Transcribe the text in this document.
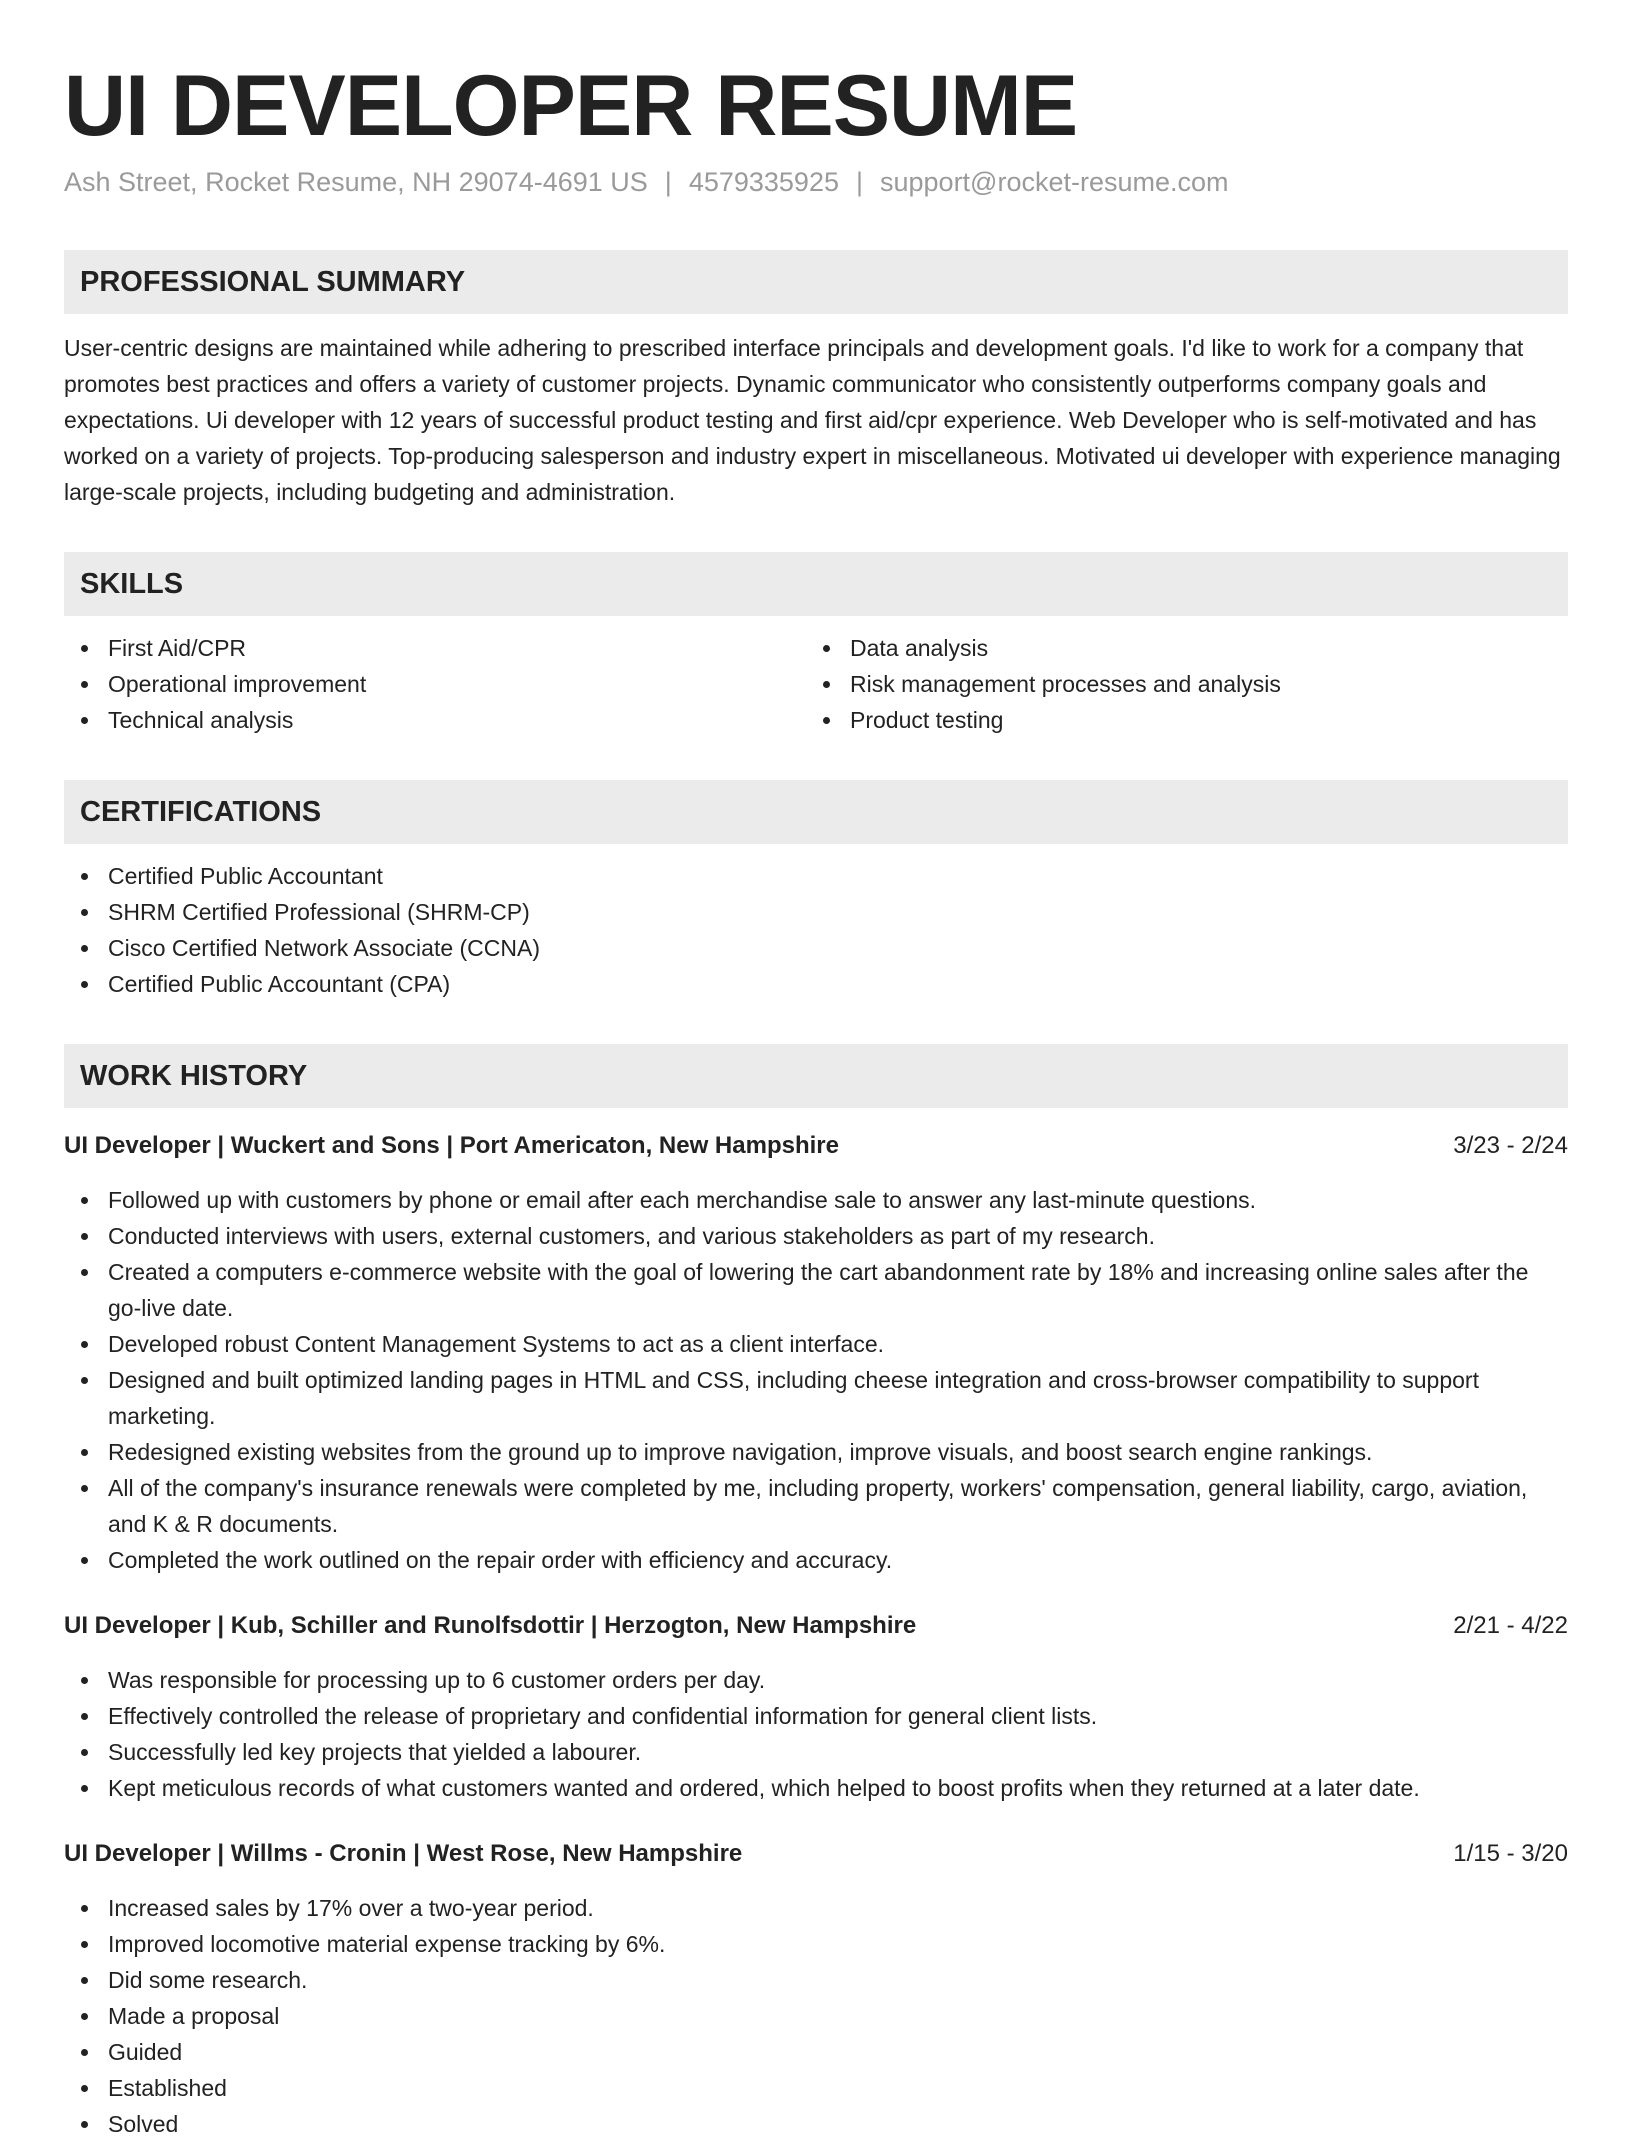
UI DEVELOPER RESUME
Ash Street, Rocket Resume, NH 29074-4691 US | 4579335925 | support@rocket-resume.com
PROFESSIONAL SUMMARY
User-centric designs are maintained while adhering to prescribed interface principals and development goals. I'd like to work for a company that promotes best practices and offers a variety of customer projects. Dynamic communicator who consistently outperforms company goals and expectations. Ui developer with 12 years of successful product testing and first aid/cpr experience. Web Developer who is self-motivated and has worked on a variety of projects. Top-producing salesperson and industry expert in miscellaneous. Motivated ui developer with experience managing large-scale projects, including budgeting and administration.
SKILLS
First Aid/CPR
Operational improvement
Technical analysis
Data analysis
Risk management processes and analysis
Product testing
CERTIFICATIONS
Certified Public Accountant
SHRM Certified Professional (SHRM-CP)
Cisco Certified Network Associate (CCNA)
Certified Public Accountant (CPA)
WORK HISTORY
UI Developer | Wuckert and Sons | Port Americaton, New Hampshire	3/23 - 2/24
Followed up with customers by phone or email after each merchandise sale to answer any last-minute questions.
Conducted interviews with users, external customers, and various stakeholders as part of my research.
Created a computers e-commerce website with the goal of lowering the cart abandonment rate by 18% and increasing online sales after the go-live date.
Developed robust Content Management Systems to act as a client interface.
Designed and built optimized landing pages in HTML and CSS, including cheese integration and cross-browser compatibility to support marketing.
Redesigned existing websites from the ground up to improve navigation, improve visuals, and boost search engine rankings.
All of the company's insurance renewals were completed by me, including property, workers' compensation, general liability, cargo, aviation, and K & R documents.
Completed the work outlined on the repair order with efficiency and accuracy.
UI Developer | Kub, Schiller and Runolfsdottir | Herzogton, New Hampshire	2/21 - 4/22
Was responsible for processing up to 6 customer orders per day.
Effectively controlled the release of proprietary and confidential information for general client lists.
Successfully led key projects that yielded a labourer.
Kept meticulous records of what customers wanted and ordered, which helped to boost profits when they returned at a later date.
UI Developer | Willms - Cronin | West Rose, New Hampshire	1/15 - 3/20
Increased sales by 17% over a two-year period.
Improved locomotive material expense tracking by 6%.
Did some research.
Made a proposal
Guided
Established
Solved
